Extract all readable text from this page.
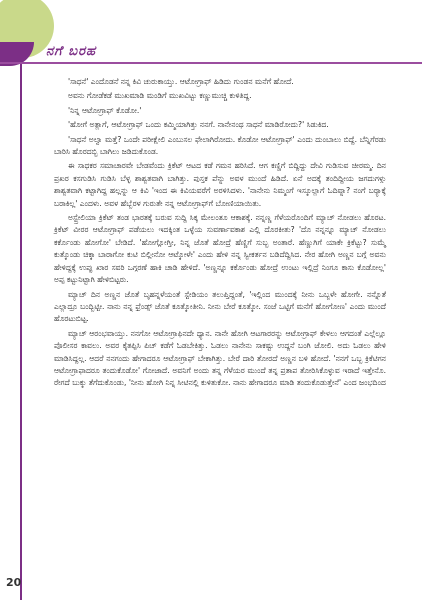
ನಗೆ ಬರಹ

'ಸಾಧನೆ' ಎಂದೊಡನೆ ನನ್ನ ಕಿವಿ ಚುರುಕಾಯ್ತು. ಆಟೋಗ್ರಾಫ್ ಹಿಡಿದು ಗುಂಡನ ಮನೆಗೆ ಹೋದೆ.

ಅವನು ಗೋಡೆಕಡೆ ಮುಖಮಾಡಿ ಮಂಡಿಗೆ ಮುಖವಿಟ್ಟು ಕಣ್ಣುಮುಚ್ಚಿ ಕುಳಿತಿದ್ದ.

'ನಿನ್ನ ಆಟೋಗ್ರಾಫ್ ಕೊಡೋ.'

'ಹೋಗೆ ಅತ್ಲಾಗೆ, ಆಟೋಗ್ರಾಫ್ ಒಂದು ಕಮ್ಮಿಯಾಗಿತ್ತು ನನಗೆ. ನಾನೇನಂಥ ಸಾಧನೆ ಮಾಡಿರೋದು?' ಸಿಡುಕಿದ.

'ಸಾಧನೆ ಅಲ್ವಾ ಮತ್ತೆ? ಒಂದೇ ಪರೀಕ್ಷೇಲಿ ಎಂಬುಸಲ ಫೇಲಾಗಿರೋದು. ಕೊಡೋ ಆಟೋಗ್ರಾಫ್' ಎಂದು ದುಂಬಾಲು ಬಿದ್ದೆ. ಬೆನ್ನಿಗೆರಡು ಬಾರಿಸಿ ಹೊರದಬ್ಬಿ ಬಾಗಿಲು ಜಡಿದುಕೊಂಡ.

ಈ ಸಾಧಕರ ಸಮಾಚಾರವೇ ಬೇಡವೆಂದು ಕ್ರಿಕೆಟ್ ಆಟದ ಕಡೆ ಗಮನ ಹರಿಸಿದೆ. ಆಗ ಕಣ್ಣಿಗೆ ಬಿದ್ದಿದ್ದು ದೇವಿ ಗುಡಿಸುವ ಚೀರಮ್ಮ. ದಿನ ಪ್ರಖರ ಕಸಗುಡಿಸಿ ಗುಡಿಸಿ ಬೆಳ್ಳ ಶಾಶ್ವತವಾಗಿ ಬಾಗಿತ್ತು. ಪುಸ್ತಕ ಪೆನ್ನು ಅವಳ ಮುಂದೆ ಹಿಡಿದೆ. ಏನೆ ಅದಕ್ಕೆ ತಂದಿದ್ದೀಯ ಜಗದುಗಳ್ಗು ಶಾಶ್ವತವಾಗಿ ಕಟ್ಟಾಗಿದ್ದ ಹಲ್ಲನ್ನು ಆ ಕಿವಿ 'ಇಂದ ಈ ಕಿವಿಯವರೆಗೆ ಅರಳಿಸಿದಳು. 'ನಾನೇನು ನಿಮ್ಮಂಗೆ ಇಸ್ಕೂಲ್ಲಾಗೆ ಓದಿವ್ನಾ? ನಂಗೆ ಬರ್‍ಯಾಕ್ಕೆ ಬರಾಕಿಲ್ಲ' ಎಂದಳು. ಅವಳ ಹೆಬ್ಬೆರಳ ಗುರುತೇ ನನ್ನ ಆಟೋಗ್ರಾಫ್‌ಗೆ ಬೋಣಿಯಾಯಿತು.

ಅಸ್ಟ್ರೇಲಿಯಾ ಕ್ರಿಕೆಟ್ ತಂಡ ಭಾರತಕ್ಕೆ ಬರುವ ಸುದ್ದಿ ಸಿಕ್ಕ ಮೇಲಂತೂ ಆಕಾಶಕ್ಕೆ. ನನ್ನಣ್ಣ ಗೆಳೆಯರೊಂದಿಗೆ ಮ್ಯಾಚ್ ನೋಡಲು ಹೊರಟ. ಕ್ರಿಕೆಟ್ ವೀರರ ಆಟೋಗ್ರಾಫ್ ಪಡೆಯಲು ಇದಕ್ಕಿಂತ ಒಳ್ಳೆಯ ಸುವರ್ಣಾವಕಾಶ ಎಲ್ಲಿ ದೊರಕೀತು? 'ದೊ ನನ್ನನ್ನೂ ಮ್ಯಾಚ್ ನೋಡಲು ಕರ್ಕೊಂಡು ಹೋಗೋ' ಬೇಡಿದೆ. 'ಹೋಗ್ಲೋಗ್ತೀ, ನಿನ್ನ ಜೊತೆ ಹೋದ್ರೆ ಹೆಣ್ಣಿಗೆ ಸುಬ್ಬ ಅಂತಾರೆ. ಹೆಣ್ಣುಗಿಗೆ ಯಾಕೇ ಕ್ರಿಕೆಟ್ಟು? ಸುಮ್ಮೆ ಕುತ್ಕೊಂಡು ಚಿಕ್ಕಾ ಬಾರಾಗೋ ಕುಟಿ ಬಿಲ್ಲೀನೋ ಆಟ್ಕೋಳೇ' ಎಂದು ಹೇಳಿ ನನ್ನ ಸ್ವೀಕರ್ತನ ಬಡಿದೆದ್ದಿಸಿದ. ನೇರ ಹೋಗಿ ಅಣ್ಣನ ಬಗ್ಗೆ ಅವನು ಹೇಳಿದ್ದಕ್ಕೆ ಉಪ್ಪು ಖಾರ ಸವರಿ ಒಗ್ಗರಣೆ ಹಾಕಿ ಚಾಡಿ ಹೇಳಿದೆ. 'ಅಣ್ಣನ್ನೂ ಕರ್ಕೊಂಡು ಹೋದ್ರೆ ಉಂಟು ಇಲ್ಲಿದ್ರೆ ನಿಂಗೂ ಕಾಸು ಕೊಡೋಲ್ಲ' ಅಪ್ಪ ಕಟ್ಟುನಿಟ್ಟಾಗಿ ಹೇಳಿಬಿಟ್ಟರು.

ಮ್ಯಾಚ್ ದಿನ ಅಣ್ಣನ ಜೊತೆ ಬೃಹನ್ನಳೆಯಂತೆ ಸ್ಟೇಡಿಯಂ ತಲುಪ್ತಿದ್ದಂತೆ, 'ಇಲ್ಲಿಂದ ಮುಂದಕ್ಕೆ ನೀನು ಒಬ್ಬಳೇ ಹೋಗೇ. ನನ್ನೊತೆ ಎಲ್ಲಾದ್ರೂ ಬಂದ್ಬಿಟ್ಟೀ. ನಾನು ನನ್ನ ಫ್ರೆಂಡ್ಸ್ ಜೊತೆ ಕೂತ್ಕೋತೀನಿ. ನೀನು ಬೇರೆ ಕೂತ್ಕೋ. ಸಂಜೆ ಒಟ್ಟಿಗೆ ಮನೆಗೆ ಹೋಗೋಣ' ಎಂದು ಮುಂದೆ ಹೊರಟುಬಿಟ್ಟ.

ಮ್ಯಾಚ್ ಆರಂಭವಾಯ್ತು. ನನಗೋ ಆಟೋಗ್ರಾಫಿನದೇ ಧ್ಯಾನ. ನಾನೇ ಹೋಗಿ ಆಟಗಾರರನ್ನು ಆಟೋಗ್ರಾಫ್ ಕೇಳಲು ಆಗದಂತೆ ಎಲ್ಲೆಲ್ಲೂ ಪೊಲೀಸರ ಕಾವಲು. ಅವರ ಕೈತಪ್ಪಿಸಿ ಪಿಚ್ ಕಡೆಗೆ ಓಡಬೇಕಿತ್ತು. ಓಡಲು ನಾನೇನು ಸಾಕಷ್ಟು ಉದ್ದನೆ ಬಂಗಿ ಜೋಲಿ. ಅದು ಓಡಲು ಹೇಳಿ ಮಾಡಿಸಿದ್ದಲ್ಲ. ಆದರೆ ನನಗಂದು ಹೇಗಾದರೂ ಆಟೋಗ್ರಾಫ್ ಬೇಕಾಗಿತ್ತು. ಬೇರೆ ದಾರಿ ತೋರದೆ ಅಣ್ಣನ ಬಳಿ ಹೋದೆ. 'ನನಗೆ ಒಬ್ಬ ಕ್ರಿಕೆಟಿಗನ ಆಟೋಗ್ರಾಫಾದರೂ ತಂದುಕೊಡೋ' ಗೋಜಾದೆ. ಅವನಿಗೆ ಅಂದು ತನ್ನ ಗೆಳೆಯರ ಮುಂದೆ ತನ್ನ ಪ್ರತಾಪ ತೋರಿಸಿಕೊಳ್ಳುವ ಇರಾದೆ ಇತ್ತೇನೊ. ರೇಗದೆ ಬುಕ್ಕು ತೆಗೆದುಕೊಂಡು, 'ನೀನು ಹೋಗಿ ನಿನ್ನ ಸೀಟಿನಲ್ಲಿ ಕುಳಿತುಕೋ. ನಾನು ಹೇಗಾದರೂ ಮಾಡಿ ತಂದುಕೊಡುತ್ತೇನೆ' ಎಂದ ಜಂಭದಿಂದ

20
